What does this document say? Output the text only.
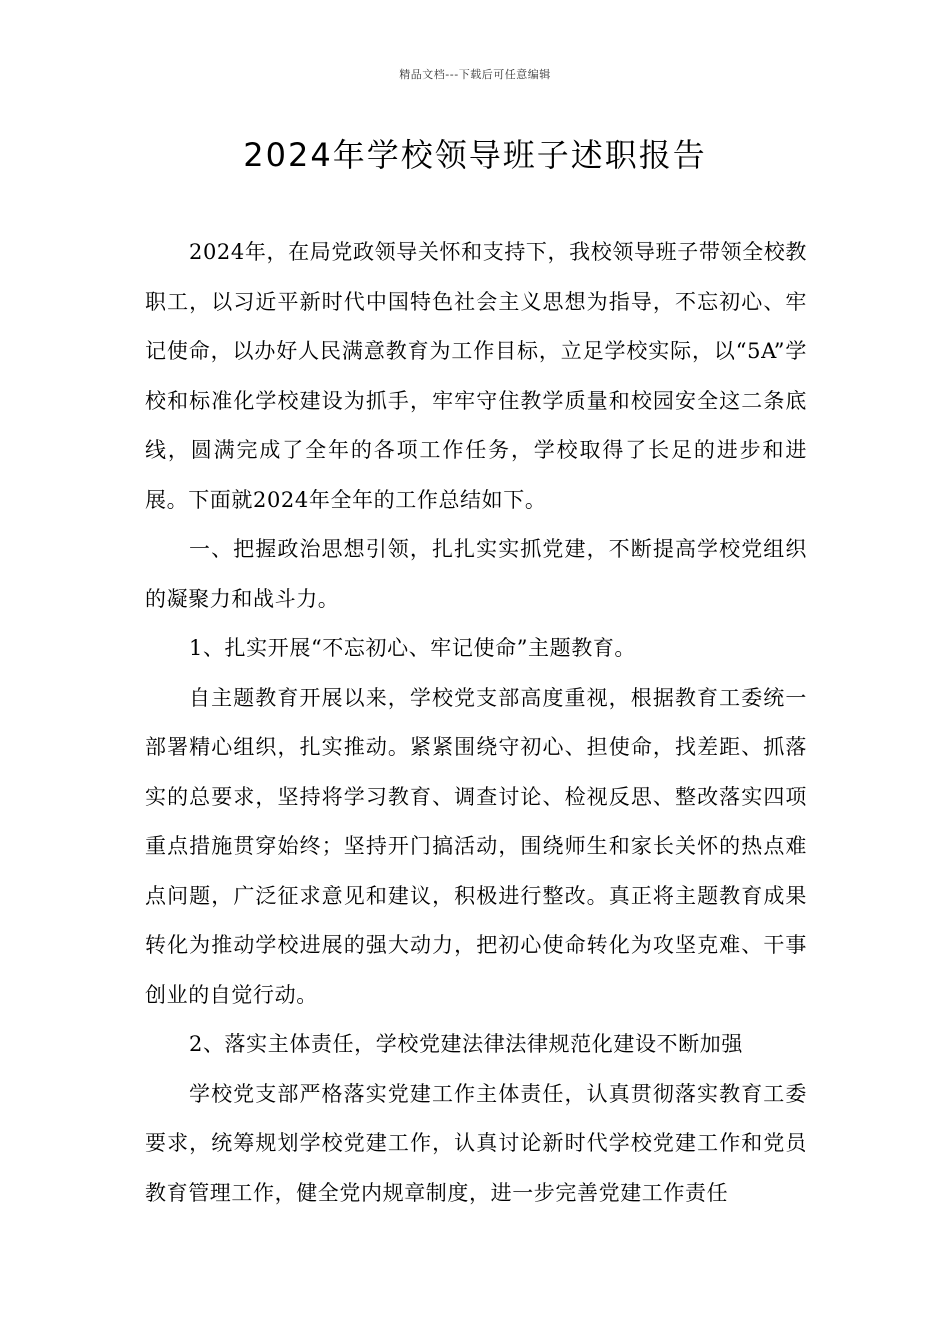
精品文档---下载后可任意编辑
2024年学校领导班子述职报告

2024年，在局党政领导关怀和支持下，我校领导班子带领全校教职工，以习近平新时代中国特色社会主义思想为指导，不忘初心、牢记使命，以办好人民满意教育为工作目标，立足学校实际，以“5A”学校和标准化学校建设为抓手，牢牢守住教学质量和校园安全这二条底线，圆满完成了全年的各项工作任务，学校取得了长足的进步和进展。下面就2024年全年的工作总结如下。

一、把握政治思想引领，扎扎实实抓党建，不断提高学校党组织的凝聚力和战斗力。

1、扎实开展“不忘初心、牢记使命”主题教育。

自主题教育开展以来，学校党支部高度重视，根据教育工委统一部署精心组织，扎实推动。紧紧围绕守初心、担使命，找差距、抓落实的总要求，坚持将学习教育、调查讨论、检视反思、整改落实四项重点措施贯穿始终；坚持开门搞活动，围绕师生和家长关怀的热点难点问题，广泛征求意见和建议，积极进行整改。真正将主题教育成果转化为推动学校进展的强大动力，把初心使命转化为攻坚克难、干事创业的自觉行动。

2、落实主体责任，学校党建法律法律规范化建设不断加强

学校党支部严格落实党建工作主体责任，认真贯彻落实教育工委要求，统筹规划学校党建工作，认真讨论新时代学校党建工作和党员教育管理工作，健全党内规章制度，进一步完善党建工作责任
